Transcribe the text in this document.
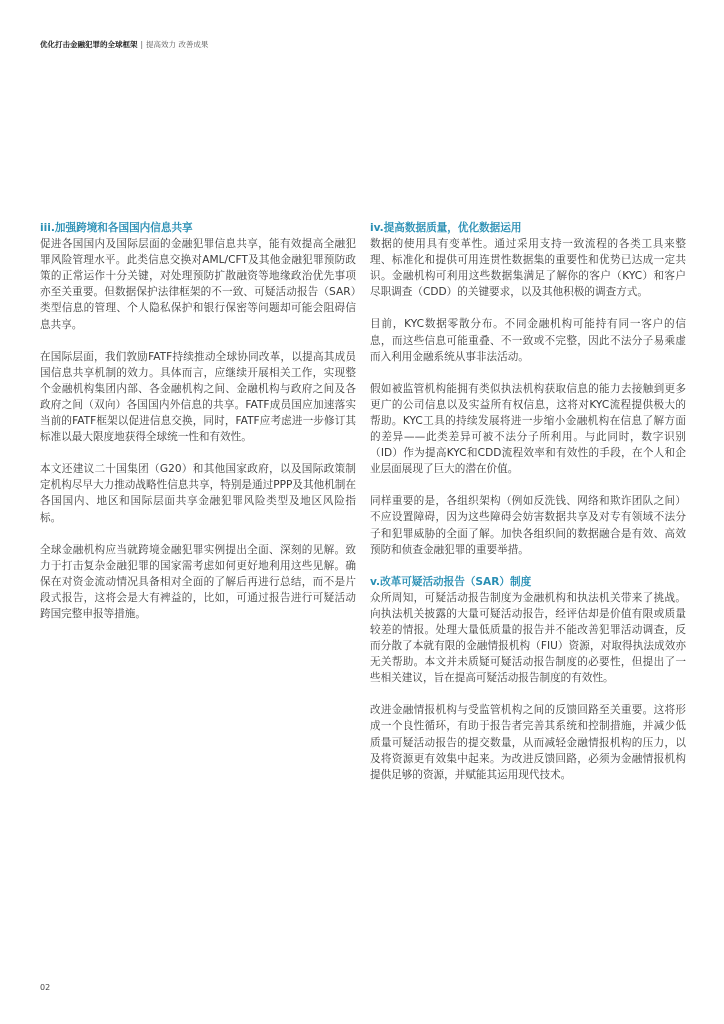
优化打击金融犯罪的全球框架 | 提高效力 改善成果
iii.加强跨境和各国国内信息共享

促进各国国内及国际层面的金融犯罪信息共享，能有效提高全融犯罪风险管理水平。此类信息交换对AML/CFT及其他金融犯罪预防政策的正常运作十分关键，对处理预防扩散融资等地缘政治优先事项亦至关重要。但数据保护法律框架的不一致、可疑活动报告（SAR）类型信息的管理、个人隐私保护和银行保密等问题却可能会阻碍信息共享。

在国际层面，我们敦励FATF持续推动全球协同改革，以提高其成员国信息共享机制的效力。具体而言，应继续开展相关工作，实现整个金融机构集团内部、各金融机构之间、金融机构与政府之间及各政府之间（双向）各国国内外信息的共享。FATF成员国应加速落实当前的FATF框架以促进信息交换，同时，FATF应考虑进一步修订其标准以最大限度地获得全球统一性和有效性。

本文还建议二十国集团（G20）和其他国家政府，以及国际政策制定机构尽早大力推动战略性信息共享，特别是通过PPP及其他机制在各国国内、地区和国际层面共享金融犯罪风险类型及地区风险指标。

全球金融机构应当就跨境金融犯罪实例提出全面、深刻的见解。致力于打击复杂金融犯罪的国家需考虑如何更好地利用这些见解。确保在对资金流动情况具备相对全面的了解后再进行总结，而不是片段式报告，这将会是大有裨益的，比如，可通过报告进行可疑活动跨国完整申报等措施。

iv.提高数据质量，优化数据运用

数据的使用具有变革性。通过采用支持一致流程的各类工具来整理、标准化和提供可用连贯性数据集的重要性和优势已达成一定共识。金融机构可利用这些数据集满足了解你的客户（KYC）和客户尽职调查（CDD）的关键要求，以及其他积极的调查方式。

目前，KYC数据零散分布。不同金融机构可能持有同一客户的信息，而这些信息可能重叠、不一致或不完整，因此不法分子易乘虚而入利用金融系统从事非法活动。

假如被监管机构能拥有类似执法机构获取信息的能力去接触到更多更广的公司信息以及实益所有权信息，这将对KYC流程提供极大的帮助。KYC工具的持续发展将进一步缩小金融机构在信息了解方面的差异——此类差异可被不法分子所利用。与此同时，数字识别（ID）作为提高KYC和CDD流程效率和有效性的手段，在个人和企业层面展现了巨大的潜在价值。

同样重要的是，各组织架构（例如反洗钱、网络和欺诈团队之间）不应设置障碍，因为这些障碍会妨害数据共享及对专有领域不法分子和犯罪威胁的全面了解。加快各组织间的数据融合是有效、高效预防和侦查金融犯罪的重要举措。

v.改革可疑活动报告（SAR）制度

众所周知，可疑活动报告制度为金融机构和执法机关带来了挑战。向执法机关披露的大量可疑活动报告，经评估却是价值有限或质量较差的情报。处理大量低质量的报告并不能改善犯罪活动调查，反而分散了本就有限的金融情报机构（FIU）资源，对取得执法成效亦无关帮助。本文并未质疑可疑活动报告制度的必要性，但提出了一些相关建议，旨在提高可疑活动报告制度的有效性。

改进金融情报机构与受监管机构之间的反馈回路至关重要。这将形成一个良性循环，有助于报告者完善其系统和控制措施，并减少低质量可疑活动报告的提交数量，从而减轻金融情报机构的压力，以及将资源更有效集中起来。为改进反馈回路，必须为金融情报机构提供足够的资源，并赋能其运用现代技术。

02
